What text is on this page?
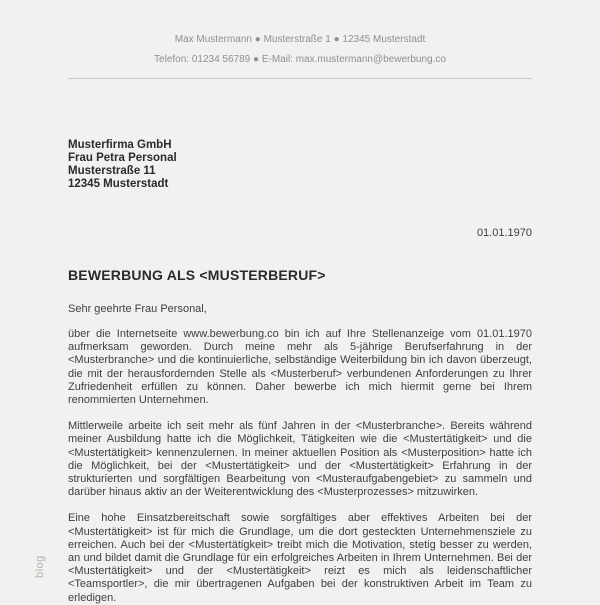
Max Mustermann ● Musterstraße 1 ● 12345 Musterstadt
Telefon: 01234 56789 ● E-Mail: max.mustermann@bewerbung.co
Musterfirma GmbH
Frau Petra Personal
Musterstraße 11
12345 Musterstadt
01.01.1970
BEWERBUNG ALS <MUSTERBERUF>
Sehr geehrte Frau Personal,

über die Internetseite www.bewerbung.co bin ich auf Ihre Stellenanzeige vom 01.01.1970 aufmerksam geworden. Durch meine mehr als 5-jährige Berufserfahrung in der <Musterbranche> und die kontinuierliche, selbständige Weiterbildung bin ich davon überzeugt, die mit der herausfordernden Stelle als <Musterberuf> verbundenen Anforderungen zu Ihrer Zufriedenheit erfüllen zu können. Daher bewerbe ich mich hiermit gerne bei Ihrem renommierten Unternehmen.

Mittlerweile arbeite ich seit mehr als fünf Jahren in der <Musterbranche>. Bereits während meiner Ausbildung hatte ich die Möglichkeit, Tätigkeiten wie die <Mustertätigkeit> und die <Mustertätigkeit> kennenzulernen. In meiner aktuellen Position als <Musterposition> hatte ich die Möglichkeit, bei der <Mustertätigkeit> und der <Mustertätigkeit> Erfahrung in der strukturierten und sorgfältigen Bearbeitung von <Musteraufgabengebiet> zu sammeln und darüber hinaus aktiv an der Weiterentwicklung des <Musterprozesses> mitzuwirken.

Eine hohe Einsatzbereitschaft sowie sorgfältiges aber effektives Arbeiten bei der <Mustertätigkeit> ist für mich die Grundlage, um die dort gesteckten Unternehmensziele zu erreichen. Auch bei der <Mustertätigkeit> treibt mich die Motivation, stetig besser zu werden, an und bildet damit die Grundlage für ein erfolgreiches Arbeiten in Ihrem Unternehmen. Bei der <Mustertätigkeit> und der <Mustertätigkeit> reizt es mich als leidenschaftlicher <Teamsportler>, die mir übertragenen Aufgaben bei der konstruktiven Arbeit im Team zu erledigen.

blog
